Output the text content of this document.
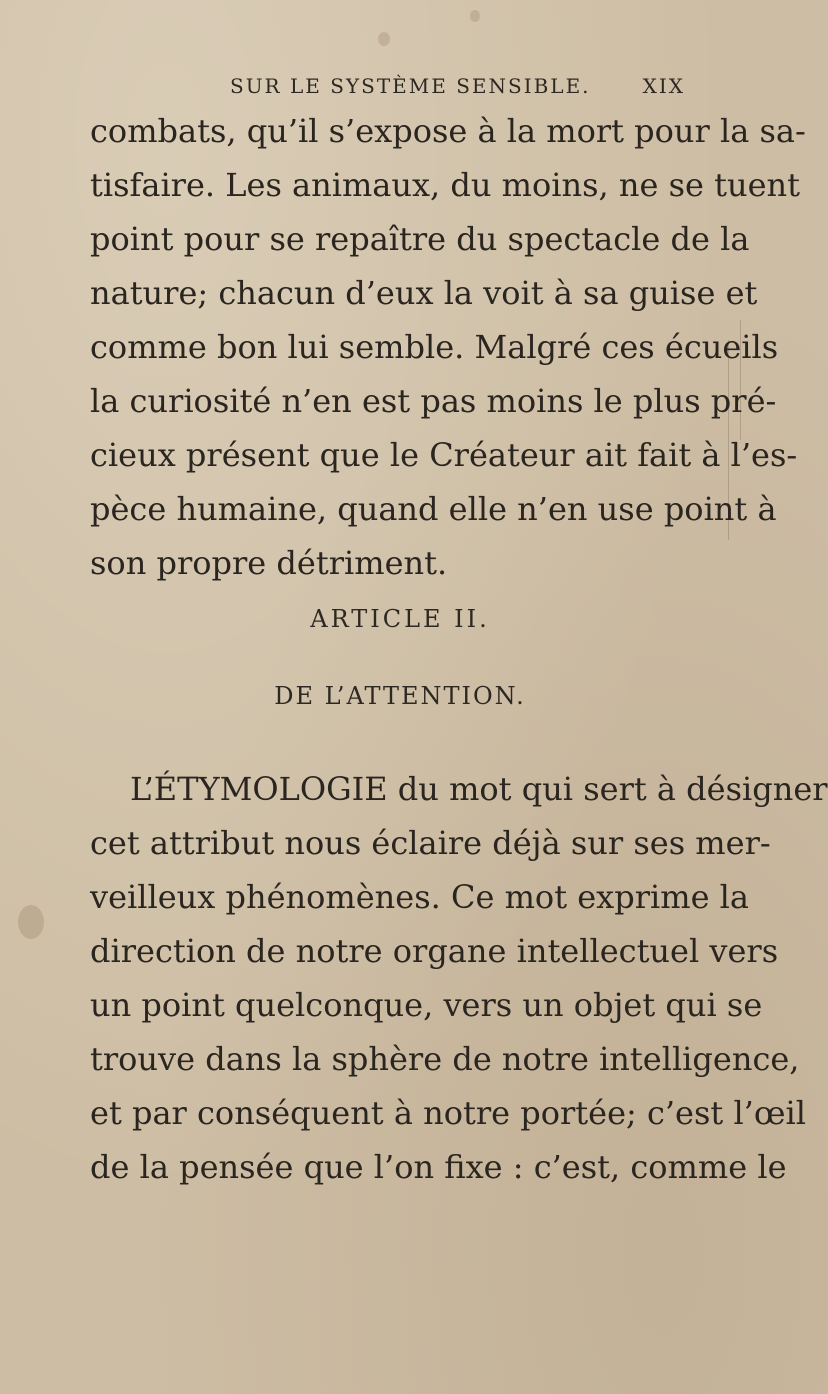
SUR LE SYSTÈME SENSIBLE.	XIX
combats, qu’il s’expose à la mort pour la sa-
tisfaire. Les animaux, du moins, ne se tuent
point pour se repaître du spectacle de la
nature; chacun d’eux la voit à sa guise et
comme bon lui semble. Malgré ces écueils
la curiosité n’en est pas moins le plus pré-
cieux présent que le Créateur ait fait à l’es-
pèce humaine, quand elle n’en use point à
son propre détriment.
ARTICLE II.
DE L’ATTENTION.
L’ÉTYMOLOGIE du mot qui sert à désigner
cet attribut nous éclaire déjà sur ses mer-
veilleux phénomènes. Ce mot exprime la
direction de notre organe intellectuel vers
un point quelconque, vers un objet qui se
trouve dans la sphère de notre intelligence,
et par conséquent à notre portée; c’est l’œil
de la pensée que l’on fixe : c’est, comme le
